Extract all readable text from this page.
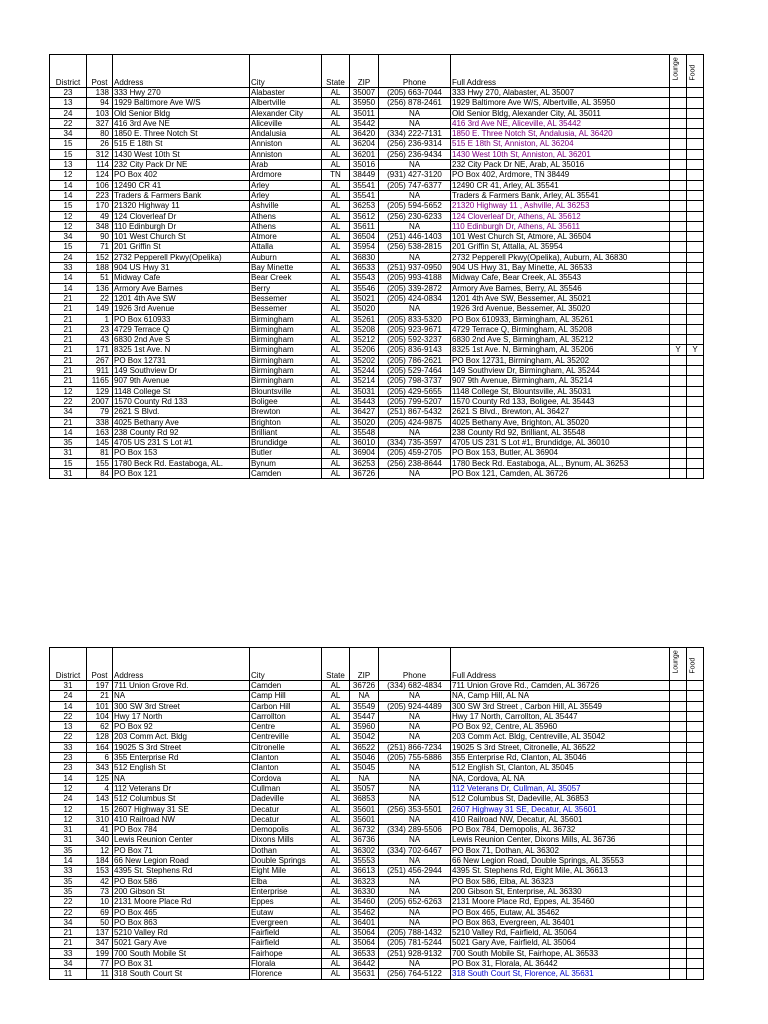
District	Post	Address	City	State	ZIP	Phone	Full Address	Lounge	Food

23	138	333 Hwy 270	Alabaster	AL	35007	(205) 663-7044	333 Hwy 270, Alabaster, AL 35007		
13	94	1929 Baltimore Ave W/S	Albertville	AL	35950	(256) 878-2461	1929 Baltimore Ave W/S, Albertville, AL 35950		
24	103	Old Senior Bldg	Alexander City	AL	35011	NA	Old Senior Bldg, Alexander City, AL 35011		
22	327	416 3rd Ave NE	Aliceville	AL	35442	NA	416 3rd Ave NE, Aliceville, AL 35442		
34	80	1850 E. Three Notch St	Andalusia	AL	36420	(334) 222-7131	1850 E. Three Notch St, Andalusia, AL 36420		
15	26	515 E 18th St	Anniston	AL	36204	(256) 236-9314	515 E 18th St, Anniston, AL 36204		
15	312	1430 West 10th St	Anniston	AL	36201	(256) 236-9434	1430 West 10th St, Anniston, AL 36201		
13	114	232 City Pack Dr NE	Arab	AL	35016	NA	232 City Pack Dr NE, Arab, AL 35016		
12	124	PO Box 402	Ardmore	TN	38449	(931) 427-3120	PO Box 402, Ardmore, TN 38449		
14	106	12490 CR 41	Arley	AL	35541	(205) 747-6377	12490 CR 41, Arley, AL 35541		
14	223	Traders & Farmers Bank	Arley	AL	35541	NA	Traders & Farmers Bank, Arley, AL 35541		
15	170	21320 Highway 11	Ashville	AL	36253	(205) 594-5652	21320 Highway 11 , Ashville, AL 36253		
12	49	124 Cloverleaf Dr	Athens	AL	35612	(256) 230-6233	124 Cloverleaf Dr, Athens, AL 35612		
12	348	110 Edinburgh Dr	Athens	AL	35611	NA	110 Edinburgh Dr, Athens, AL 35611		
34	90	101 West Church St	Atmore	AL	36504	(251) 446-1403	101 West Church St, Atmore, AL 36504		
15	71	201 Griffin St	Attalla	AL	35954	(256) 538-2815	201 Griffin St, Attalla, AL 35954		
24	152	2732 Pepperell Pkwy(Opelika)	Auburn	AL	36830	NA	2732 Pepperell Pkwy(Opelika), Auburn, AL 36830		
33	188	904 US Hwy 31	Bay Minette	AL	36533	(251) 937-0950	904 US Hwy 31, Bay Minette, AL 36533		
14	51	Midway Cafe	Bear Creek	AL	35543	(205) 993-4188	Midway Cafe, Bear Creek, AL 35543		
14	136	Armory Ave Barnes	Berry	AL	35546	(205) 339-2872	Armory Ave Barnes, Berry, AL 35546		
21	22	1201 4th Ave SW	Bessemer	AL	35021	(205) 424-0834	1201 4th Ave SW, Bessemer, AL 35021		
21	149	1926 3rd Avenue	Bessemer	AL	35020	NA	1926 3rd Avenue, Bessemer, AL 35020		
21	1	PO Box 610933	Birmingham	AL	35261	(205) 833-5320	PO Box 610933, Birmingham, AL 35261		
21	23	4729 Terrace Q	Birmingham	AL	35208	(205) 923-9671	4729 Terrace Q, Birmingham, AL 35208		
21	43	6830 2nd Ave S	Birmingham	AL	35212	(205) 592-3237	6830 2nd Ave S, Birmingham, AL 35212		
21	171	8325 1st Ave. N	Birmingham	AL	35206	(205) 836-9143	8325 1st Ave. N, Birmingham, AL 35206	Y	Y
21	267	PO Box 12731	Birmingham	AL	35202	(205) 786-2621	PO Box 12731, Birmingham, AL 35202		
21	911	149 Southview Dr	Birmingham	AL	35244	(205) 529-7464	149 Southview Dr, Birmingham, AL 35244		
21	1165	907 9th Avenue	Birmingham	AL	35214	(205) 798-3737	907 9th Avenue, Birmingham, AL 35214		
12	129	1148 College St	Blountsville	AL	35031	(205) 429-5655	1148 College St, Blountsville, AL 35031		
22	2007	1570 County Rd 133	Boligee	AL	35443	(205) 799-5207	1570 County Rd 133, Boligee, AL 35443		
34	79	2621 S Blvd.	Brewton	AL	36427	(251) 867-5432	2621 S Blvd., Brewton, AL 36427		
21	338	4025 Bethany Ave	Brighton	AL	35020	(205) 424-9875	4025 Bethany Ave, Brighton, AL 35020		
14	163	238 County Rd 92	Brilliant	AL	35548	NA	238 County Rd 92, Brilliant, AL 35548		
35	145	4705 US 231 S Lot #1	Brundidge	AL	36010	(334) 735-3597	4705 US 231 S Lot #1, Brundidge, AL 36010		
31	81	PO Box 153	Butler	AL	36904	(205) 459-2705	PO Box 153, Butler, AL 36904		
15	155	1780 Beck Rd. Eastaboga, AL.	Bynum	AL	36253	(256) 238-8644	1780 Beck Rd. Eastaboga, AL., Bynum, AL 36253		
31	84	PO Box 121	Camden	AL	36726	NA	PO Box 121, Camden, AL 36726		
District	Post	Address	City	State	ZIP	Phone	Full Address	Lounge	Food

31	197	711 Union Grove Rd.	Camden	AL	36726	(334) 682-4834	711 Union Grove Rd., Camden, AL 36726		
24	21	NA	Camp Hill	AL	NA	NA	NA, Camp Hill, AL NA		
14	101	300 SW 3rd Street	Carbon Hill	AL	35549	(205) 924-4489	300 SW 3rd Street , Carbon Hill, AL 35549		
22	104	Hwy 17 North	Carrollton	AL	35447	NA	Hwy 17 North, Carrollton, AL 35447		
13	62	PO Box 92	Centre	AL	35960	NA	PO Box 92, Centre, AL 35960		
22	128	203 Comm Act. Bldg	Centreville	AL	35042	NA	203 Comm Act. Bldg, Centreville, AL 35042		
33	164	19025 S 3rd Street	Citronelle	AL	36522	(251) 866-7234	19025 S 3rd Street, Citronelle, AL 36522		
23	6	355 Enterprise Rd	Clanton	AL	35046	(205) 755-5886	355 Enterprise Rd, Clanton, AL 35046		
23	343	512 English St	Clanton	AL	35045	NA	512 English St, Clanton, AL 35045		
14	125	NA	Cordova	AL	NA	NA	NA, Cordova, AL NA		
12	4	112 Veterans Dr	Cullman	AL	35057	NA	112 Veterans Dr, Cullman, AL 35057		
24	143	512 Columbus St	Dadeville	AL	36853	NA	512 Columbus St, Dadeville, AL 36853		
12	15	2607 Highway 31 SE	Decatur	AL	35601	(256) 353-5501	2607 Highway 31 SE, Decatur, AL 35601		
12	310	410 Railroad NW	Decatur	AL	35601	NA	410 Railroad NW, Decatur, AL 35601		
31	41	PO Box 784	Demopolis	AL	36732	(334) 289-5506	PO Box 784, Demopolis, AL 36732		
31	340	Lewis Reunion Center	Dixons Mills	AL	36736	NA	Lewis Reunion Center, Dixons Mills, AL 36736		
35	12	PO Box 71	Dothan	AL	36302	(334) 702-6467	PO Box 71, Dothan, AL 36302		
14	184	66 New Legion Road	Double Springs	AL	35553	NA	66 New Legion Road, Double Springs, AL 35553		
33	153	4395 St. Stephens Rd	Eight Mile	AL	36613	(251) 456-2944	4395 St. Stephens Rd, Eight Mile, AL 36613		
35	42	PO Box 586	Elba	AL	36323	NA	PO Box 586, Elba, AL 36323		
35	73	200 Gibson St	Enterprise	AL	36330	NA	200 Gibson St, Enterprise, AL 36330		
22	10	2131 Moore Place Rd	Eppes	AL	35460	(205) 652-6263	2131 Moore Place Rd, Eppes, AL 35460		
22	69	PO Box 465	Eutaw	AL	35462	NA	PO Box 465, Eutaw, AL 35462		
34	50	PO Box 863	Evergreen	AL	36401	NA	PO Box 863, Evergreen, AL 36401		
21	137	5210 Valley Rd	Fairfield	AL	35064	(205) 788-1432	5210 Valley Rd, Fairfield, AL 35064		
21	347	5021 Gary Ave	Fairfield	AL	35064	(205) 781-5244	5021 Gary Ave, Fairfield, AL 35064		
33	199	700 South Mobile St	Fairhope	AL	36533	(251) 928-9132	700 South Mobile St, Fairhope, AL 36533		
34	77	PO Box 31	Florala	AL	36442	NA	PO Box 31, Florala, AL 36442		
11	11	318 South Court St	Florence	AL	35631	(256) 764-5122	318 South Court St, Florence, AL 35631		
